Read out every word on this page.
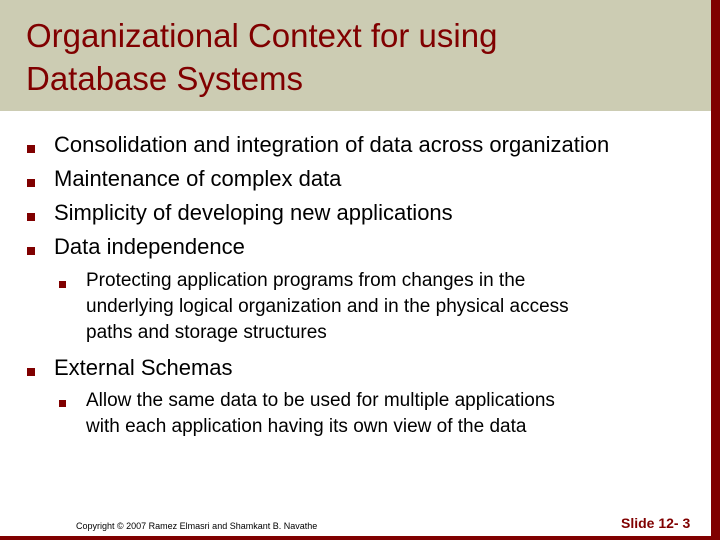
Organizational Context for using
Database Systems
Consolidation and integration of data across organization
Maintenance of complex data
Simplicity of developing new applications
Data independence
Protecting application programs from changes in the
underlying logical organization and in the physical access
paths and storage structures
External Schemas
Allow the same data to be used for multiple applications
with each application having its own view of the data
Copyright © 2007 Ramez Elmasri and Shamkant B. Navathe	Slide 12- 3
